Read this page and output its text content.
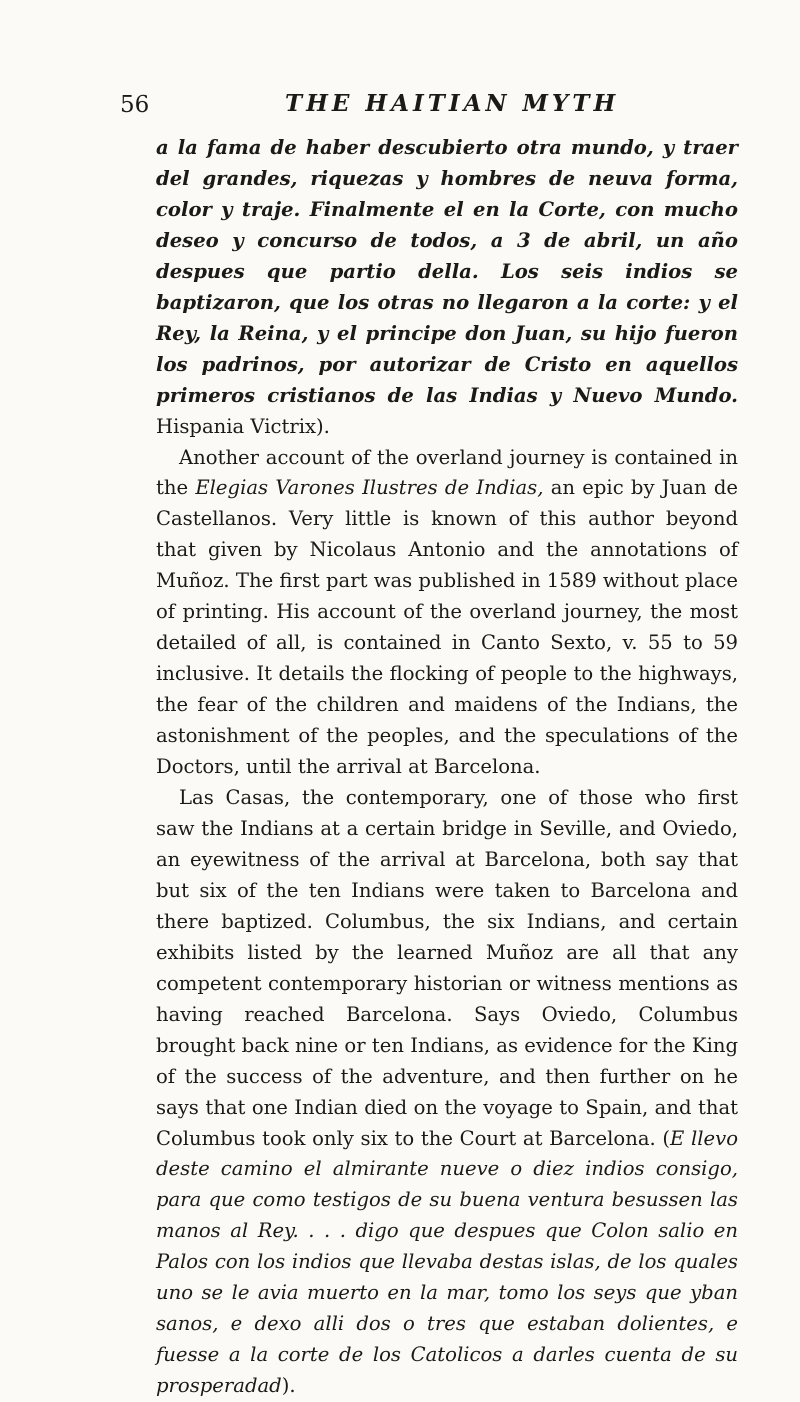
56	THE HAITIAN MYTH

a la fama de haber descubierto otra mundo, y traer del grandes, riquezas y hombres de neuva forma, color y traje. Finalmente el en la Corte, con mucho deseo y concurso de todos, a 3 de abril, un año despues que partio della. Los seis indios se baptizaron, que los otras no llegaron a la corte: y el Rey, la Reina, y el principe don Juan, su hijo fueron los padrinos, por autorizar de Cristo en aquellos primeros cristianos de las Indias y Nuevo Mundo. Hispania Victrix).

Another account of the overland journey is contained in the Elegias Varones Ilustres de Indias, an epic by Juan de Castellanos. Very little is known of this author beyond that given by Nicolaus Antonio and the annotations of Muñoz. The first part was published in 1589 without place of printing. His account of the overland journey, the most detailed of all, is contained in Canto Sexto, v. 55 to 59 inclusive. It details the flocking of people to the highways, the fear of the children and maidens of the Indians, the astonishment of the peoples, and the speculations of the Doctors, until the arrival at Barcelona.

Las Casas, the contemporary, one of those who first saw the Indians at a certain bridge in Seville, and Oviedo, an eyewitness of the arrival at Barcelona, both say that but six of the ten Indians were taken to Barcelona and there baptized. Columbus, the six Indians, and certain exhibits listed by the learned Muñoz are all that any competent contemporary historian or witness mentions as having reached Barcelona. Says Oviedo, Columbus brought back nine or ten Indians, as evidence for the King of the success of the adventure, and then further on he says that one Indian died on the voyage to Spain, and that Columbus took only six to the Court at Barcelona. (E llevo deste camino el almirante nueve o diez indios consigo, para que como testigos de su buena ventura besussen las manos al Rey. . . . digo que despues que Colon salio en Palos con los indios que llevaba destas islas, de los quales uno se le avia muerto en la mar, tomo los seys que yban sanos, e dexo alli dos o tres que estaban dolientes, e fuesse a la corte de los Catolicos a darles cuenta de su prosperadad).
